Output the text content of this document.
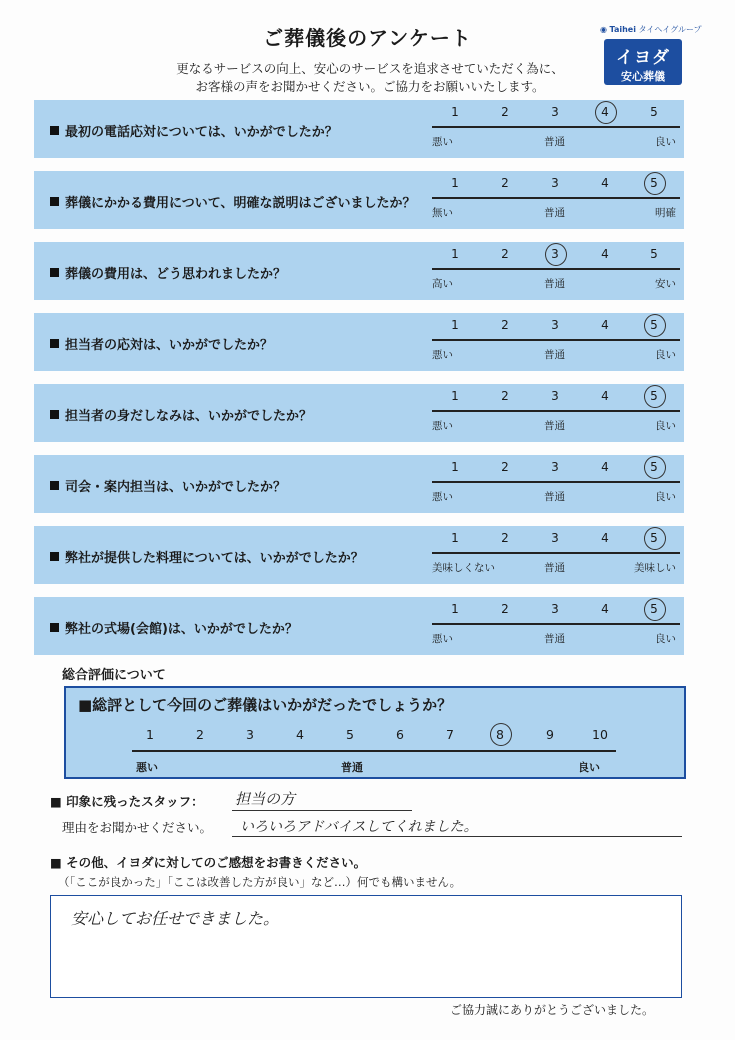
ご葬儀後のアンケート
更なるサービスの向上、安心のサービスを追求させていただく為に、
お客様の声をお聞かせください。ご協力をお願いいたします。
◉ Taihei タイヘイグループ
イヨダ
安心葬儀
最初の電話応対については、いかがでしたか？
1	2	3	4	5
悪い	普通	良い
葬儀にかかる費用について、明確な説明はございましたか？
1	2	3	4	5
無い	普通	明確
葬儀の費用は、どう思われましたか？
1	2	3	4	5
高い	普通	安い
担当者の応対は、いかがでしたか？
1	2	3	4	5
悪い	普通	良い
担当者の身だしなみは、いかがでしたか？
1	2	3	4	5
悪い	普通	良い
司会・案内担当は、いかがでしたか？
1	2	3	4	5
悪い	普通	良い
弊社が提供した料理については、いかがでしたか？
1	2	3	4	5
美味しくない	普通	美味しい
弊社の式場(会館)は、いかがでしたか？
1	2	3	4	5
悪い	普通	良い
総合評価について
■総評として今回のご葬儀はいかがだったでしょうか？
1	2	3	4	5	6	7	8	9	10
悪い	普通	良い
■ 印象に残ったスタッフ： 担当の方
理由をお聞かせください。 いろいろアドバイスしてくれました。
■ その他、イヨダに対してのご感想をお書きください。
（「ここが良かった」「ここは改善した方が良い」など…）何でも構いません。
安心してお任せできました。
ご協力誠にありがとうございました。
